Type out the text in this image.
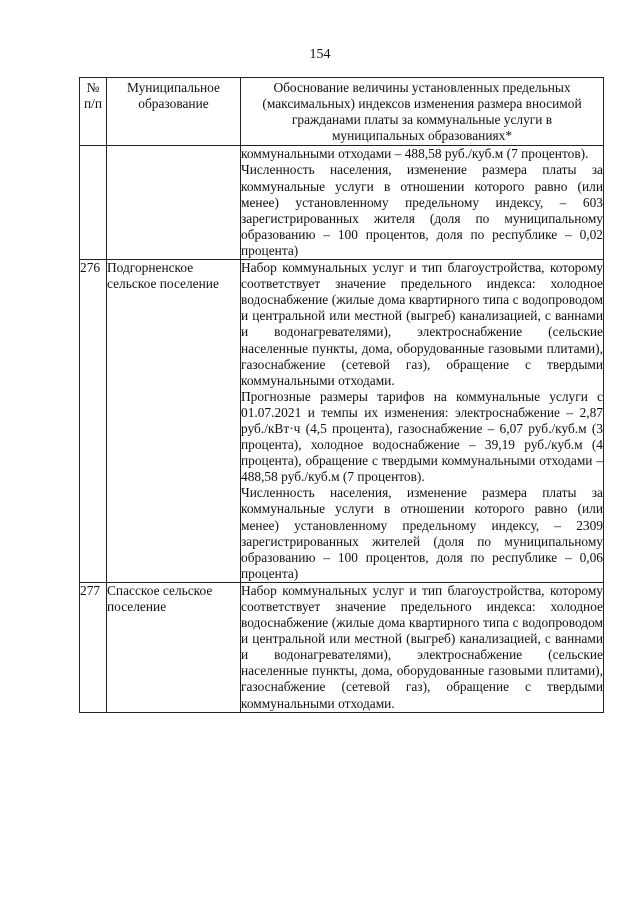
154
№ п/п	Муниципальное образование	Обоснование величины установленных предельных (максимальных) индексов изменения размера вносимой гражданами платы за коммунальные услуги в муниципальных образованиях*

		коммунальными отходами – 488,58 руб./куб.м (7 процентов).

Численность населения, изменение размера платы за коммунальные услуги в отношении которого равно (или менее) установленному предельному индексу, – 603 зарегистрированных жителя (доля по муниципальному образованию – 100 процентов, доля по республике – 0,02 процента)

276	Подгорненское сельское поселение	Набор коммунальных услуг и тип благоустройства, которому соответствует значение предельного индекса: холодное водоснабжение (жилые дома квартирного типа с водопроводом и центральной или местной (выгреб) канализацией, с ваннами и водонагревателями), электроснабжение (сельские населенные пункты, дома, оборудованные газовыми плитами), газоснабжение (сетевой газ), обращение с твердыми коммунальными отходами.

Прогнозные размеры тарифов на коммунальные услуги с 01.07.2021 и темпы их изменения: электроснабжение – 2,87 руб./кВт·ч (4,5 процента), газоснабжение – 6,07 руб./куб.м (3 процента), холодное водоснабжение – 39,19 руб./куб.м (4 процента), обращение с твердыми коммунальными отходами – 488,58 руб./куб.м (7 процентов).

Численность населения, изменение размера платы за коммунальные услуги в отношении которого равно (или менее) установленному предельному индексу, – 2309 зарегистрированных жителей (доля по муниципальному образованию – 100 процентов, доля по республике – 0,06 процента)

277	Спасское сельское поселение	Набор коммунальных услуг и тип благоустройства, которому соответствует значение предельного индекса: холодное водоснабжение (жилые дома квартирного типа с водопроводом и центральной или местной (выгреб) канализацией, с ваннами и водонагревателями), электроснабжение (сельские населенные пункты, дома, оборудованные газовыми плитами), газоснабжение (сетевой газ), обращение с твердыми коммунальными отходами.
